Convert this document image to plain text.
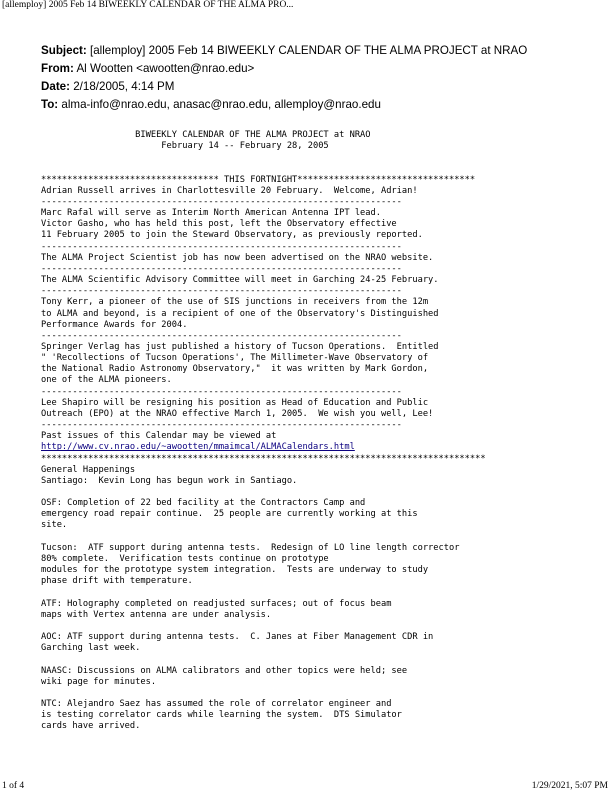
[allemploy] 2005 Feb 14 BIWEEKLY CALENDAR OF THE ALMA PRO...
Subject: [allemploy] 2005 Feb 14 BIWEEKLY CALENDAR OF THE ALMA PROJECT at NRAO
From: Al Wootten <awootten@nrao.edu>
Date: 2/18/2005, 4:14 PM
To: alma-info@nrao.edu, anasac@nrao.edu, allemploy@nrao.edu
BIWEEKLY CALENDAR OF THE ALMA PROJECT at NRAO
February 14 -- February 28, 2005

********************************** THIS FORTNIGHT**********************************
Adrian Russell arrives in Charlottesville 20 February.  Welcome, Adrian!
---------------------------------------------------------------------
Marc Rafal will serve as Interim North American Antenna IPT lead.
Victor Gasho, who has held this post, left the Observatory effective
11 February 2005 to join the Steward Observatory, as previously reported.
---------------------------------------------------------------------
The ALMA Project Scientist job has now been advertised on the NRAO website.
---------------------------------------------------------------------
The ALMA Scientific Advisory Committee will meet in Garching 24-25 February.
---------------------------------------------------------------------
Tony Kerr, a pioneer of the use of SIS junctions in receivers from the 12m
to ALMA and beyond, is a recipient of one of the Observatory's Distinguished
Performance Awards for 2004.
---------------------------------------------------------------------
Springer Verlag has just published a history of Tucson Operations.  Entitled
" 'Recollections of Tucson Operations', The Millimeter-Wave Observatory of
the National Radio Astronomy Observatory,"  it was written by Mark Gordon,
one of the ALMA pioneers.
---------------------------------------------------------------------
Lee Shapiro will be resigning his position as Head of Education and Public
Outreach (EPO) at the NRAO effective March 1, 2005.  We wish you well, Lee!
---------------------------------------------------------------------
Past issues of this Calendar may be viewed at
http://www.cv.nrao.edu/~awootten/mmaimcal/ALMACalendars.html
*************************************************************************************
General Happenings
Santiago:  Kevin Long has begun work in Santiago.

OSF: Completion of 22 bed facility at the Contractors Camp and
emergency road repair continue.  25 people are currently working at this
site.

Tucson:  ATF support during antenna tests.  Redesign of LO line length corrector
80% complete.  Verification tests continue on prototype
modules for the prototype system integration.  Tests are underway to study
phase drift with temperature.

ATF: Holography completed on readjusted surfaces; out of focus beam
maps with Vertex antenna are under analysis.

AOC: ATF support during antenna tests.  C. Janes at Fiber Management CDR in
Garching last week.

NAASC: Discussions on ALMA calibrators and other topics were held; see
wiki page for minutes.

NTC: Alejandro Saez has assumed the role of correlator engineer and
is testing correlator cards while learning the system.  DTS Simulator
cards have arrived.
1 of 4	1/29/2021, 5:07 PM
